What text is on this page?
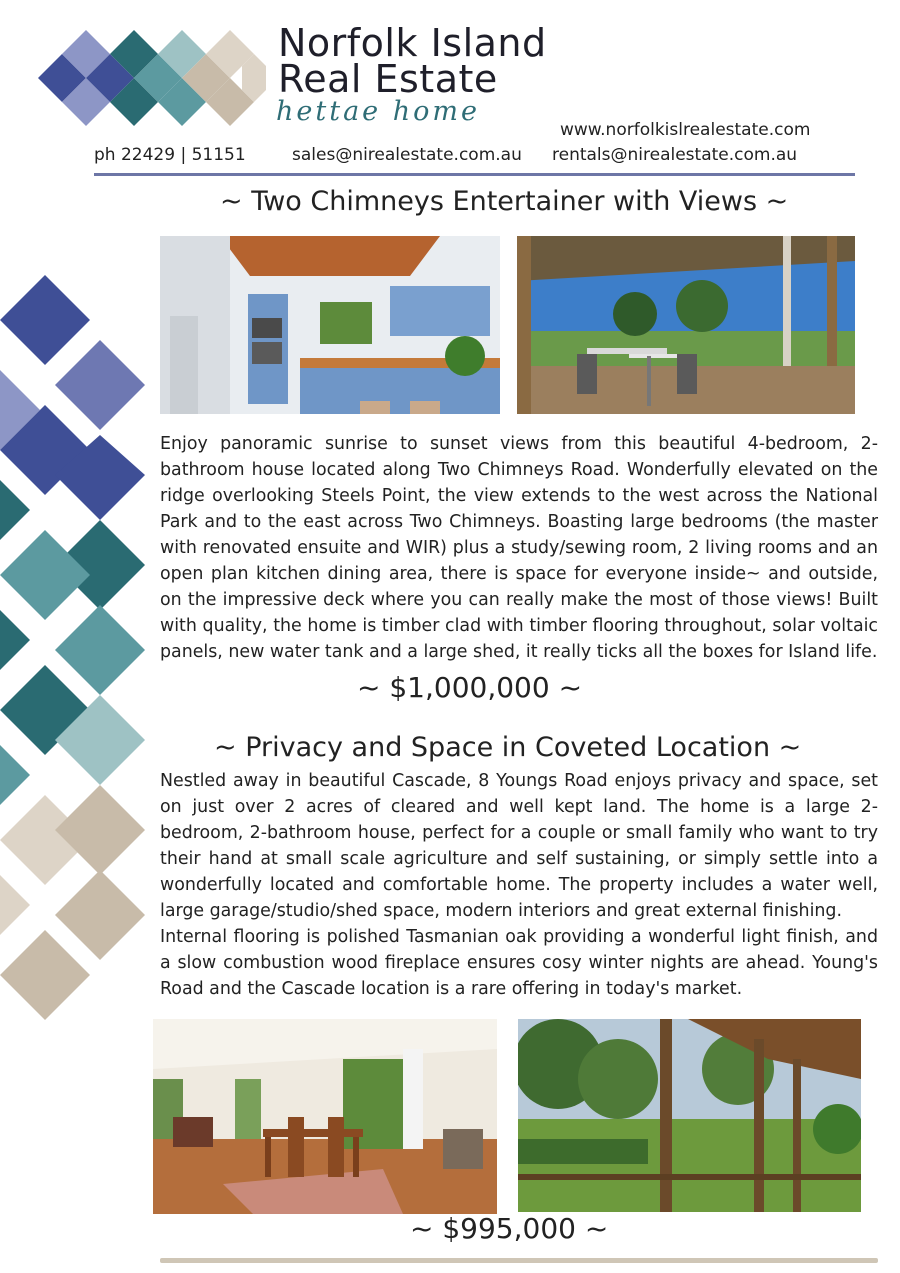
Norfolk Island
Real Estate
hettae home
www.norfolkislrealestate.com
ph 22429 | 51151	sales@nirealestate.com.au rentals@nirealestate.com.au
~ Two Chimneys Entertainer with Views ~
Enjoy panoramic sunrise to sunset views from this beautiful 4-bedroom, 2-bathroom house located along Two Chimneys Road. Wonderfully elevated on the ridge overlooking Steels Point, the view extends to the west across the National Park and to the east across Two Chimneys. Boasting large bedrooms (the master with renovated ensuite and WIR) plus a study/sewing room, 2 living rooms and an open plan kitchen dining area, there is space for everyone inside~ and outside, on the impressive deck where you can really make the most of those views! Built with quality, the home is timber clad with timber flooring throughout, solar voltaic panels, new water tank and a large shed, it really ticks all the boxes for Island life.
~ $1,000,000 ~
~ Privacy and Space in Coveted Location ~
Nestled away in beautiful Cascade, 8 Youngs Road enjoys privacy and space, set on just over 2 acres of cleared and well kept land. The home is a large 2-bedroom, 2-bathroom house, perfect for a couple or small family who want to try their hand at small scale agriculture and self sustaining, or simply settle into a wonderfully located and comfortable home. The property includes a water well, large garage/studio/shed space, modern interiors and great external finishing.
Internal flooring is polished Tasmanian oak providing a wonderful light finish, and a slow combustion wood fireplace ensures cosy winter nights are ahead. Young's Road and the Cascade location is a rare offering in today's market.
~ $995,000 ~
